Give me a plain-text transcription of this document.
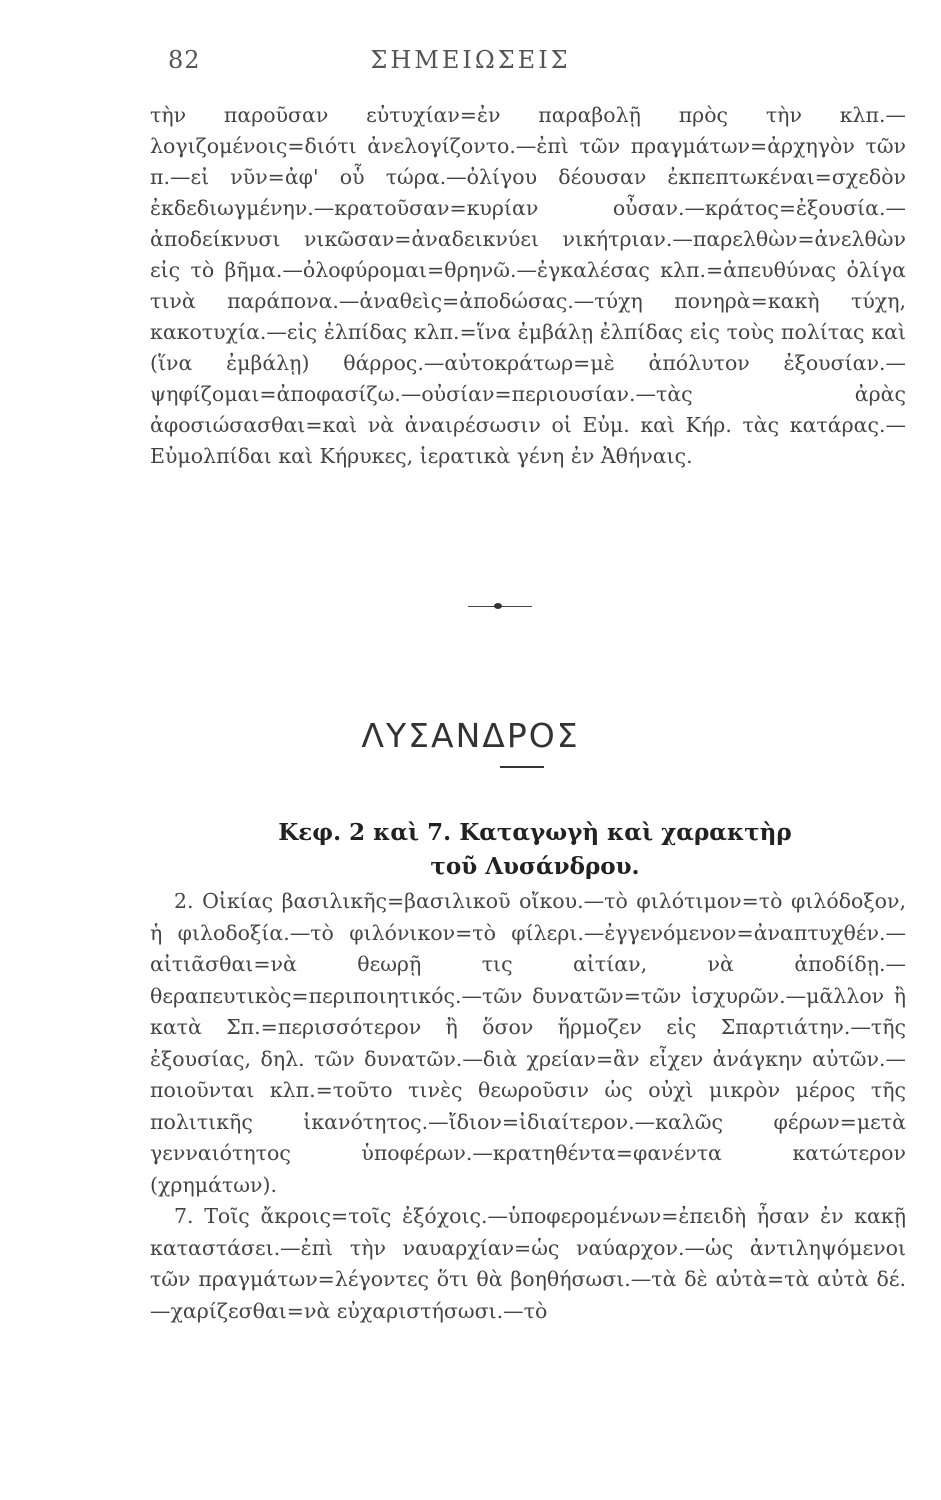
82	ΣΗΜΕΙΩΣΕΙΣ

τὴν παροῦσαν εὐτυχίαν=ἐν παραβολῇ πρὸς τὴν κλπ.—λογιζομένοις=διότι ἀνελογίζοντο.—ἐπὶ τῶν πραγμάτων=ἀρχηγὸν τῶν π.—εἰ νῦν=ἀφ' οὗ τώρα.—ὀλίγου δέουσαν ἐκπεπτωκέναι=σχεδὸν ἐκδεδιωγμένην.—κρατοῦσαν=κυρίαν οὖσαν.—κράτος=ἐξουσία.—ἀποδείκνυσι νικῶσαν=ἀναδεικνύει νικήτριαν.—παρελθὼν=ἀνελθὼν εἰς τὸ βῆμα.—ὀλοφύρομαι=θρηνῶ.—ἐγκαλέσας κλπ.=ἀπευθύνας ὀλίγα τινὰ παράπονα.—ἀναθεὶς=ἀποδώσας.—τύχη πονηρὰ=κακὴ τύχη, κακοτυχία.—εἰς ἐλπίδας κλπ.=ἵνα ἐμβάλῃ ἐλπίδας εἰς τοὺς πολίτας καὶ (ἵνα ἐμβάλῃ) θάρρος.—αὐτοκράτωρ=μὲ ἀπόλυτον ἐξουσίαν.—ψηφίζομαι=ἀποφασίζω.—οὐσίαν=περιουσίαν.—τὰς ἀρὰς ἀφοσιώσασθαι=καὶ νὰ ἀναιρέσωσιν οἱ Εὐμ. καὶ Κήρ. τὰς κατάρας.—Εὐμολπίδαι καὶ Κήρυκες, ἱερατικὰ γένη ἐν Ἀθήναις.

ΛΥΣΑΝΔΡΟΣ
Κεφ. 2 καὶ 7. Καταγωγὴ καὶ χαρακτὴρ
τοῦ Λυσάνδρου.

2. Οἰκίας βασιλικῆς=βασιλικοῦ οἴκου.—τὸ φιλότιμον=τὸ φιλόδοξον, ἡ φιλοδοξία.—τὸ φιλόνικον=τὸ φίλερι.—ἐγγενόμενον=ἀναπτυχθέν.—αἰτιᾶσθαι=νὰ θεωρῇ τις αἰτίαν, νὰ ἀποδίδῃ.—θεραπευτικὸς=περιποιητικός.—τῶν δυνατῶν=τῶν ἰσχυρῶν.—μᾶλλον ἢ κατὰ Σπ.=περισσότερον ἢ ὅσον ἥρμοζεν εἰς Σπαρτιάτην.—τῆς ἐξουσίας, δηλ. τῶν δυνατῶν.—διὰ χρείαν=ἂν εἶχεν ἀνάγκην αὐτῶν.—ποιοῦνται κλπ.=τοῦτο τινὲς θεωροῦσιν ὡς οὐχὶ μικρὸν μέρος τῆς πολιτικῆς ἱκανότητος.—ἴδιον=ἰδιαίτερον.—καλῶς φέρων=μετὰ γενναιότητος ὑποφέρων.—κρατηθέντα=φανέντα κατώτερον (χρημάτων).

7. Τοῖς ἄκροις=τοῖς ἐξόχοις.—ὑποφερομένων=ἐπειδὴ ἦσαν ἐν κακῇ καταστάσει.—ἐπὶ τὴν ναυαρχίαν=ὡς ναύαρχον.—ὡς ἀντιληψόμενοι τῶν πραγμάτων=λέγοντες ὅτι θὰ βοηθήσωσι.—τὰ δὲ αὐτὰ=τὰ αὐτὰ δέ.—χαρίζεσθαι=νὰ εὐχαριστήσωσι.—τὸ
